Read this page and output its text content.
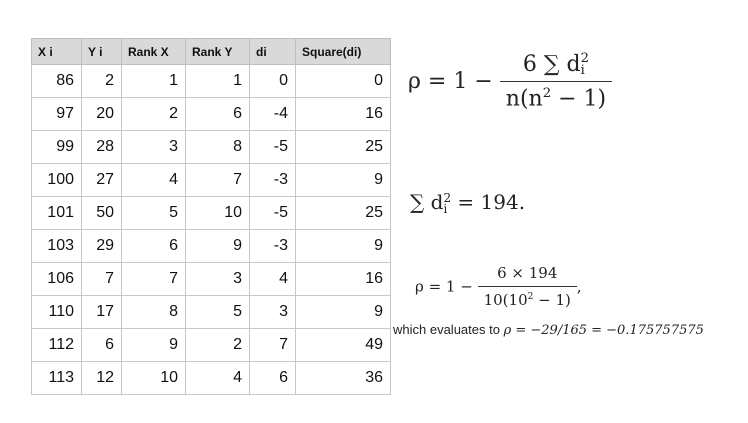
X i	Y i	Rank X	Rank Y	di	Square(di)
86	2	1	1	0	0
97	20	2	6	-4	16
99	28	3	8	-5	25
100	27	4	7	-3	9
101	50	5	10	-5	25
103	29	6	9	-3	9
106	7	7	3	4	16
110	17	8	5	3	9
112	6	9	2	7	49
113	12	10	4	6	36
ρ = 1 − 6 ∑ d 2
i
$n(n^2 - 1)$
∑ d 2
i = 194.
$\rho = 1 - \frac{6 \times 194}{10(10^2 - 1)}$ ,
which evaluates to ρ = −29/165 = −0.175757575
